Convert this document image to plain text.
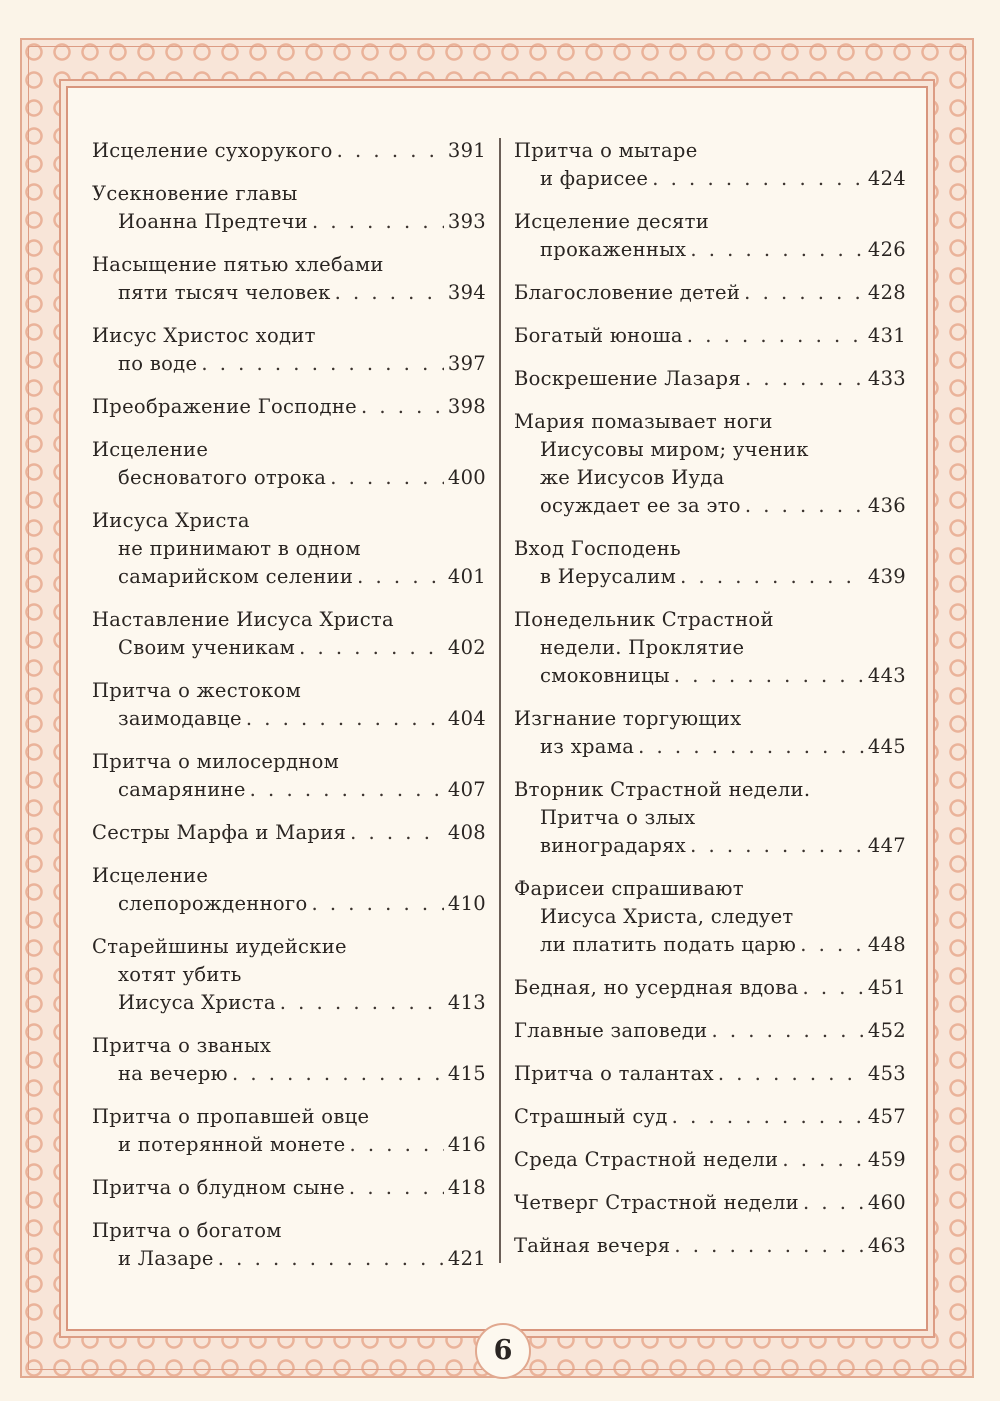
Исцеление сухорукого . . .	391
Усекновение главы
Иоанна Предтечи . . .	393
Насыщение пятью хлебами
пяти тысяч человек . . .	394
Иисус Христос ходит
по воде . . .	397
Преображение Господне . . .	398
Исцеление
бесноватого отрока . . .	400
Иисуса Христа
не принимают в одном
самарийском селении . . .	401
Наставление Иисуса Христа
Своим ученикам . . .	402
Притча о жестоком
заимодавце . . .	404
Притча о милосердном
самарянине . . .	407
Сестры Марфа и Мария . . .	408
Исцеление
слепорожденного . . .	410
Старейшины иудейские
хотят убить
Иисуса Христа . . .	413
Притча о званых
на вечерю . . .	415
Притча о пропавшей овце
и потерянной монете . . .	416
Притча о блудном сыне . . .	418
Притча о богатом
и Лазаре . . .	421
Притча о мытаре
и фарисее . . .	424
Исцеление десяти
прокаженных . . .	426
Благословение детей . . .	428
Богатый юноша . . .	431
Воскрешение Лазаря . . .	433
Мария помазывает ноги
Иисусовы миром; ученик
же Иисусов Иуда
осуждает ее за это . . .	436
Вход Господень
в Иерусалим . . .	439
Понедельник Страстной
недели. Проклятие
смоковницы . . .	443
Изгнание торгующих
из храма . . .	445
Вторник Страстной недели.
Притча о злых
виноградарях . . .	447
Фарисеи спрашивают
Иисуса Христа, следует
ли платить подать царю . . .	448
Бедная, но усердная вдова . . .	451
Главные заповеди . . .	452
Притча о талантах . . .	453
Страшный суд . . .	457
Среда Страстной недели . . .	459
Четверг Страстной недели . . .	460
Тайная вечеря . . .	463
6
